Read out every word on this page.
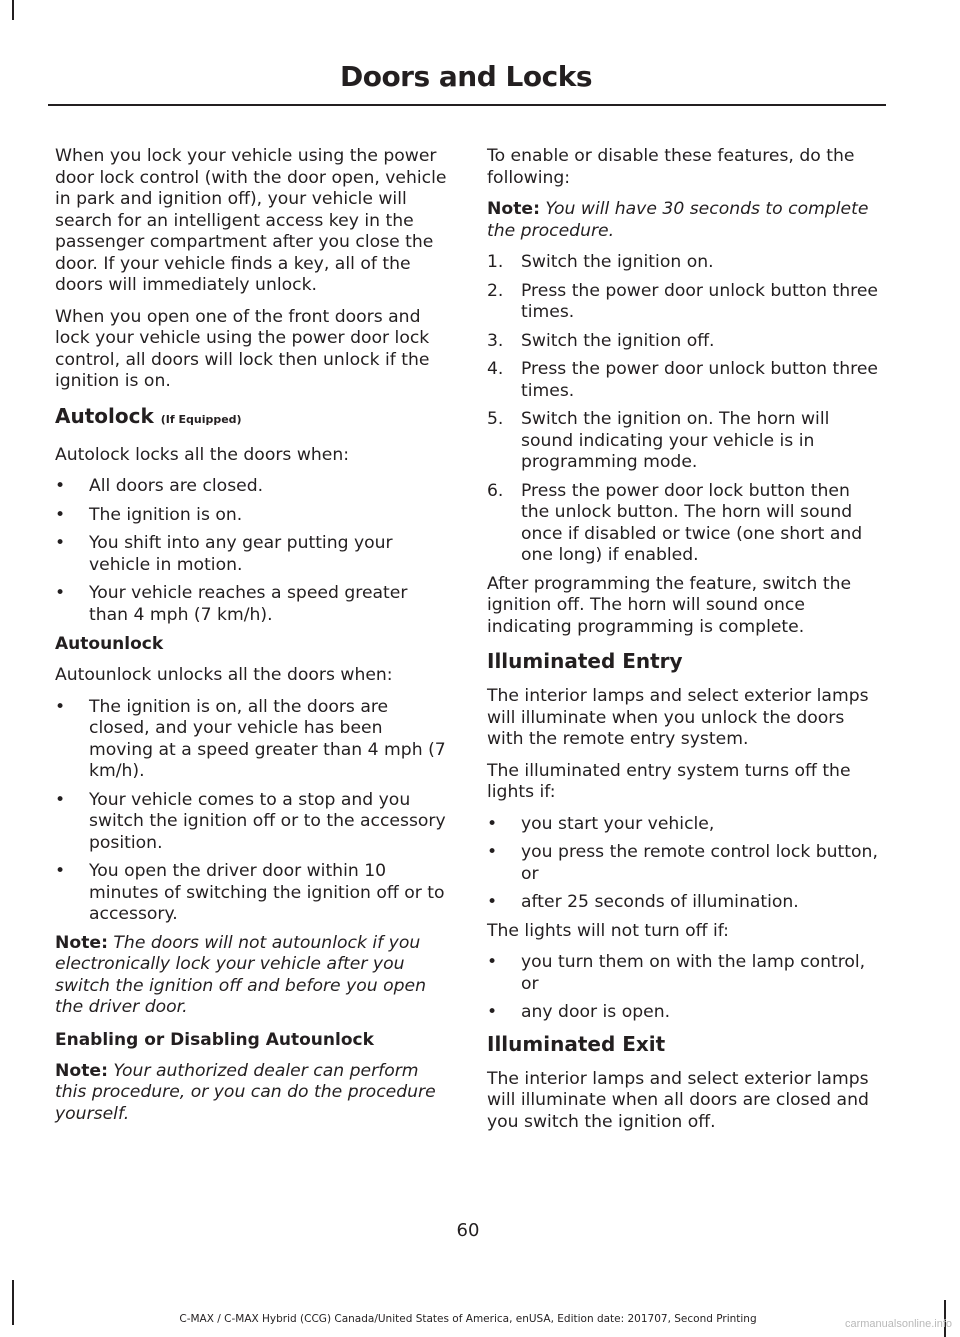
Doors and Locks

When you lock your vehicle using the power door lock control (with the door open, vehicle in park and ignition off), your vehicle will search for an intelligent access key in the passenger compartment after you close the door. If your vehicle finds a key, all of the doors will immediately unlock.

When you open one of the front doors and lock your vehicle using the power door lock control, all doors will lock then unlock if the ignition is on.

Autolock (If Equipped)

Autolock locks all the doors when:

• All doors are closed.
• The ignition is on.
• You shift into any gear putting your vehicle in motion.
• Your vehicle reaches a speed greater than 4 mph (7 km/h).
Autounlock

Autounlock unlocks all the doors when:

• The ignition is on, all the doors are closed, and your vehicle has been moving at a speed greater than 4 mph (7 km/h).
• Your vehicle comes to a stop and you switch the ignition off or to the accessory position.
• You open the driver door within 10 minutes of switching the ignition off or to accessory.

Note: The doors will not autounlock if you electronically lock your vehicle after you switch the ignition off and before you open the driver door.

Enabling or Disabling Autounlock

Note: Your authorized dealer can perform this procedure, or you can do the procedure yourself.

To enable or disable these features, do the following:

Note: You will have 30 seconds to complete the procedure.

1. Switch the ignition on.
2. Press the power door unlock button three times.
3. Switch the ignition off.
4. Press the power door unlock button three times.
5. Switch the ignition on. The horn will sound indicating your vehicle is in programming mode.
6. Press the power door lock button then the unlock button. The horn will sound once if disabled or twice (one short and one long) if enabled.

After programming the feature, switch the ignition off. The horn will sound once indicating programming is complete.

Illuminated Entry

The interior lamps and select exterior lamps will illuminate when you unlock the doors with the remote entry system.

The illuminated entry system turns off the lights if:

• you start your vehicle,
• you press the remote control lock button, or
• after 25 seconds of illumination.

The lights will not turn off if:

• you turn them on with the lamp control, or
• any door is open.
Illuminated Exit

The interior lamps and select exterior lamps will illuminate when all doors are closed and you switch the ignition off.

60
C-MAX / C-MAX Hybrid (CCG) Canada/United States of America, enUSA, Edition date: 201707, Second Printing	carmanualsonline.info
